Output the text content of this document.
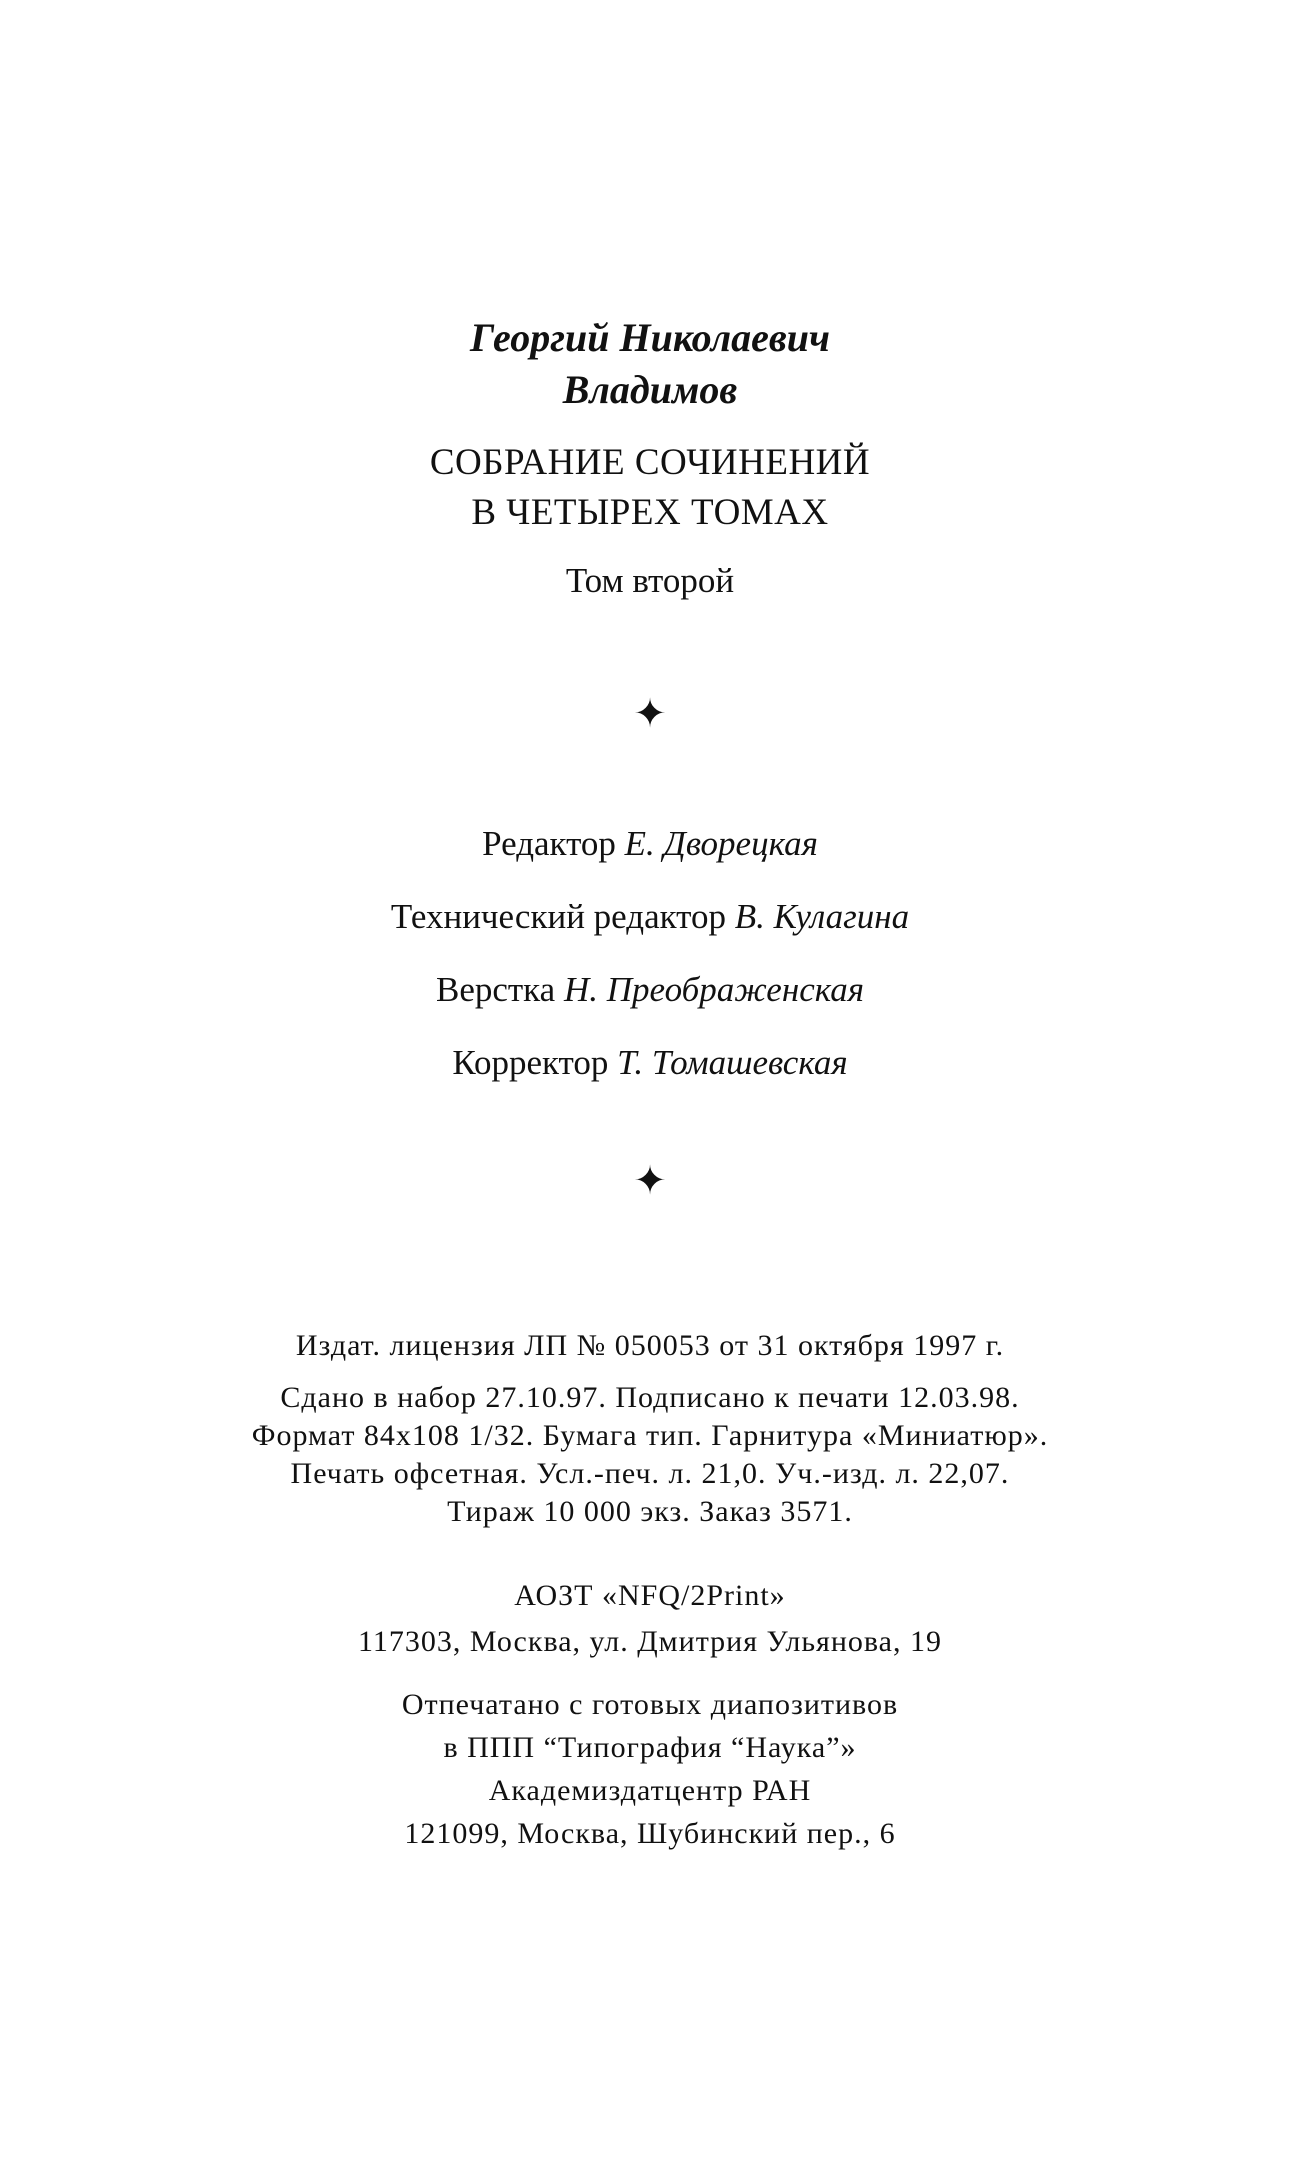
Георгий Николаевич
Владимов
СОБРАНИЕ СОЧИНЕНИЙ
В ЧЕТЫРЕХ ТОМАХ
Том второй
✦
Редактор Е. Дворецкая
Технический редактор В. Кулагина
Верстка Н. Преображенская
Корректор Т. Томашевская
✦
Издат. лицензия ЛП № 050053 от 31 октября 1997 г.
Сдано в набор 27.10.97. Подписано к печати 12.03.98.
Формат 84х108 1/32. Бумага тип. Гарнитура «Миниатюр».
Печать офсетная. Усл.-печ. л. 21,0. Уч.-изд. л. 22,07.
Тираж 10 000 экз. Заказ 3571.
АОЗТ «NFQ/2Print»
117303, Москва, ул. Дмитрия Ульянова, 19
Отпечатано с готовых диапозитивов
в ППП “Типография “Наука”»
Академиздатцентр РАН
121099, Москва, Шубинский пер., 6
